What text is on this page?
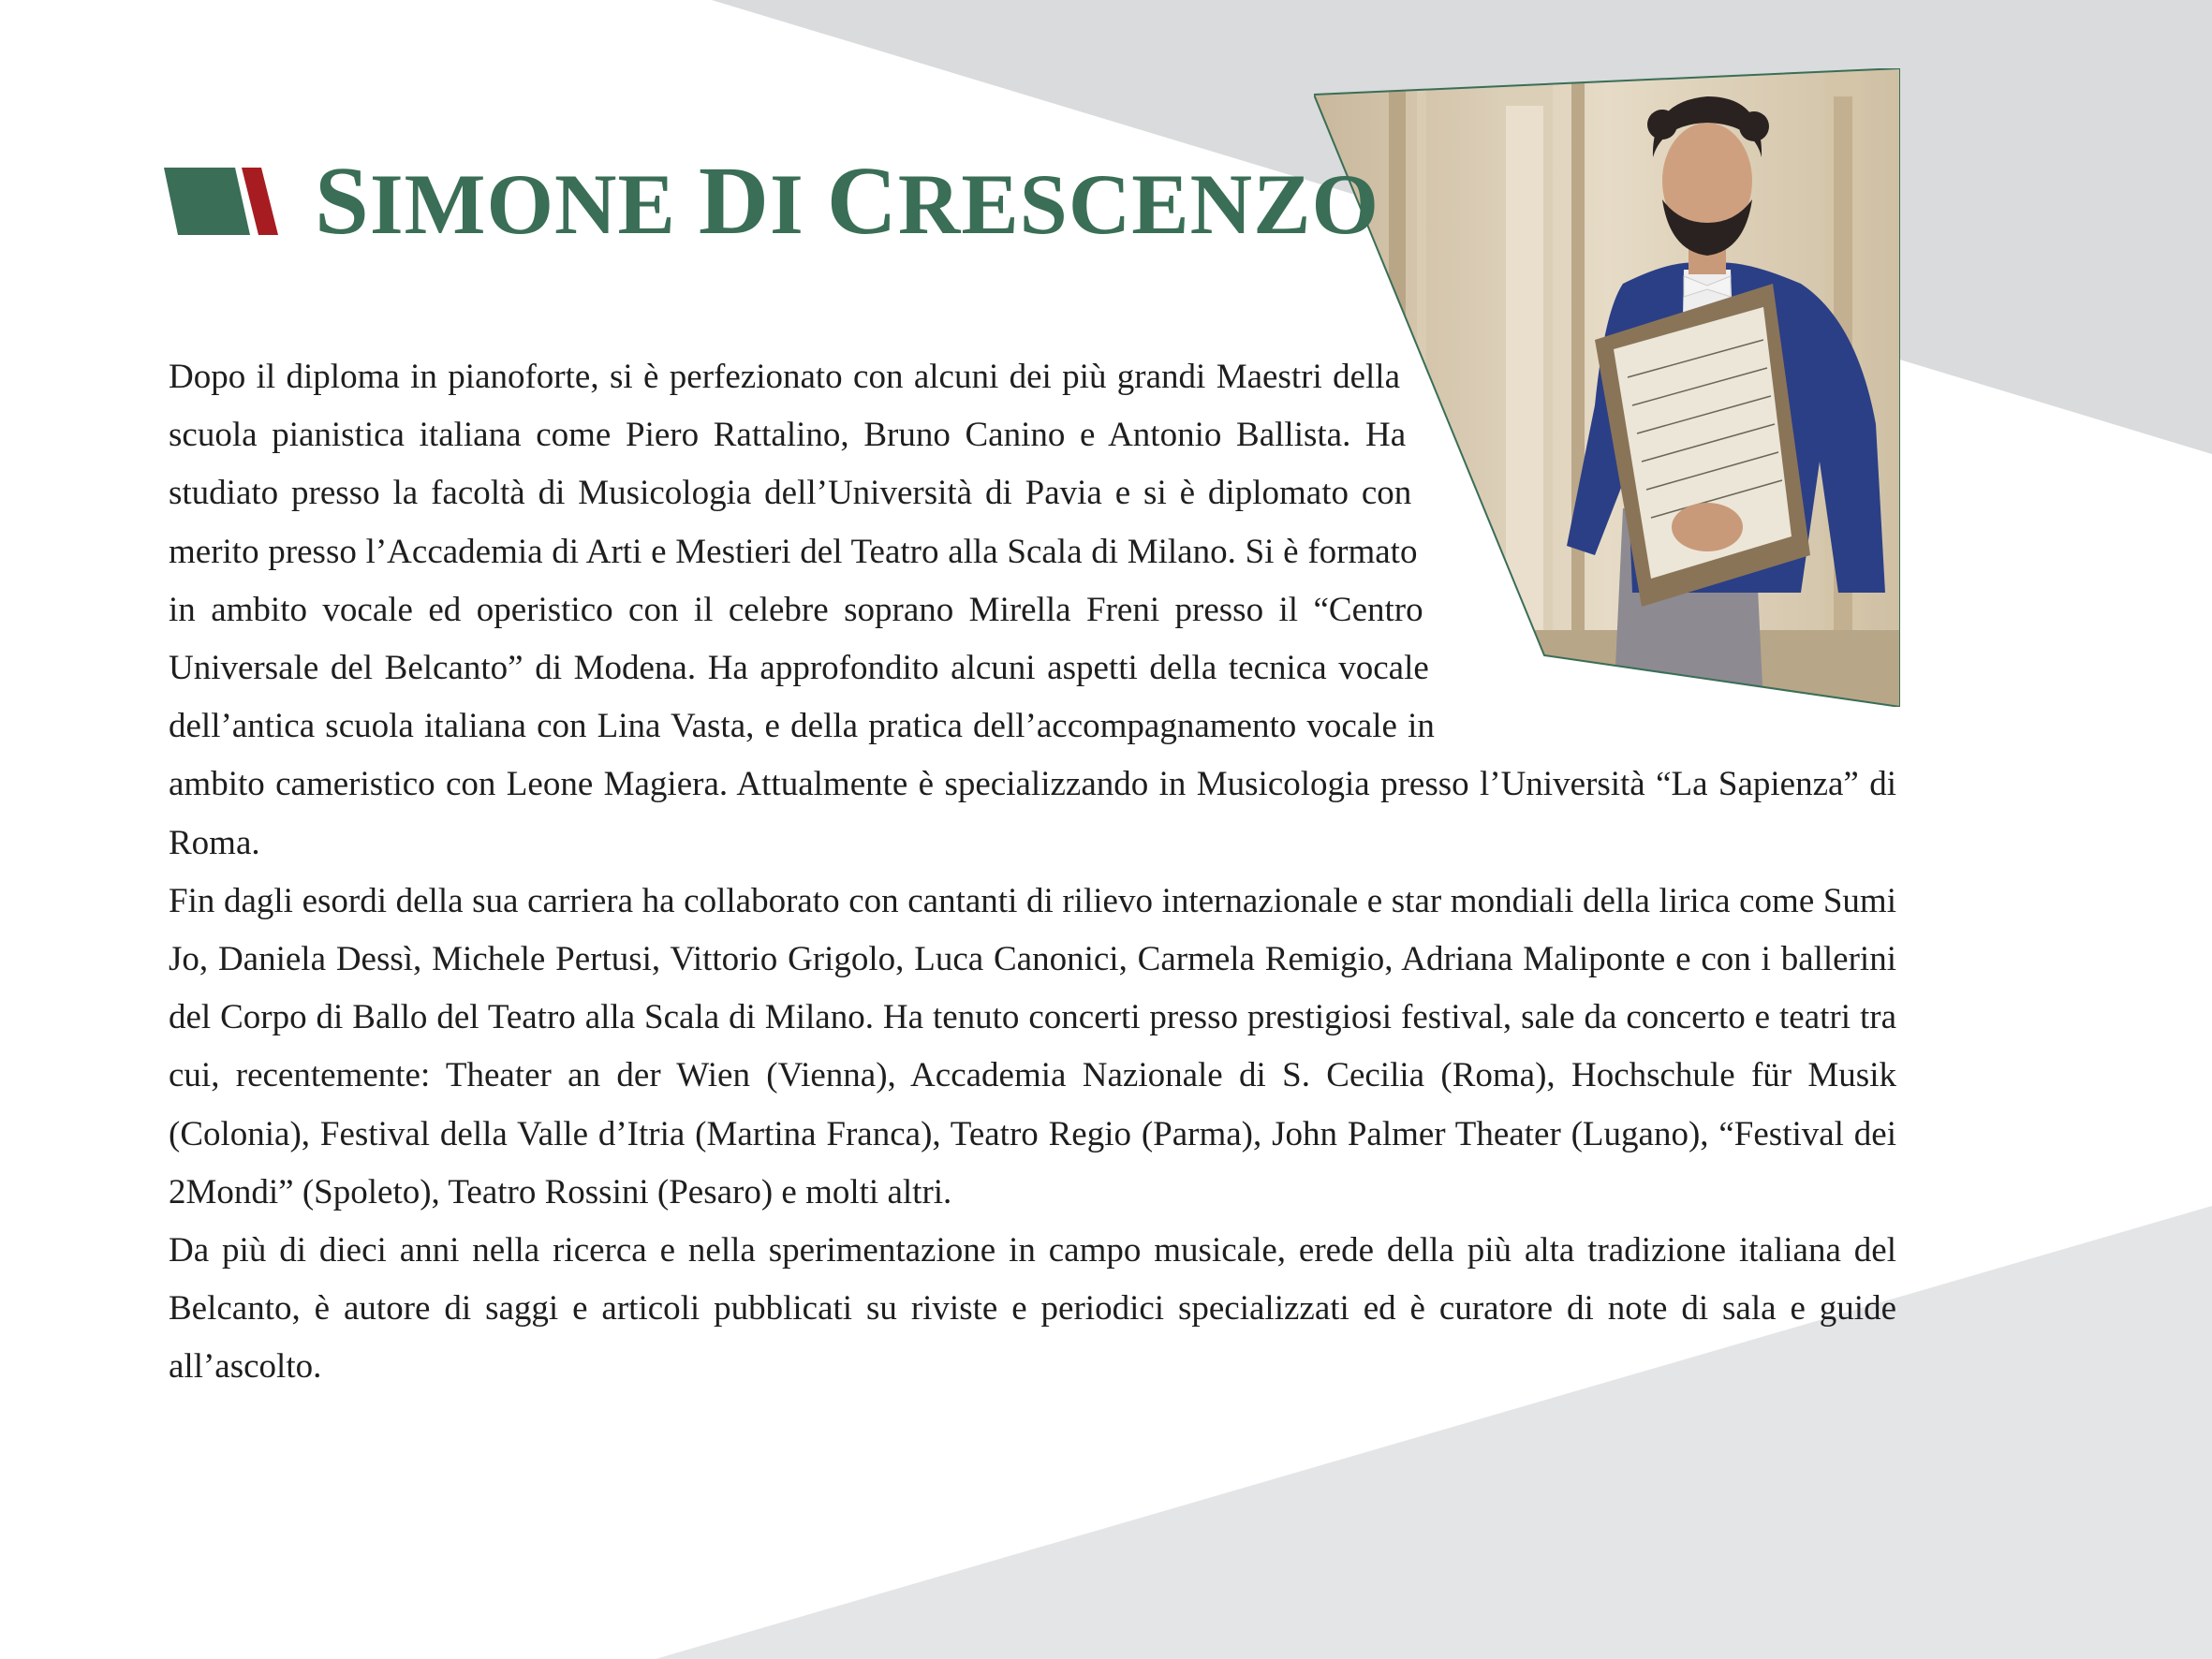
SIMONE DI CRESCENZO

Dopo il diploma in pianoforte, si è perfezionato con alcuni dei più grandi Maestri della scuola pianistica italiana come Piero Rattalino, Bruno Canino e Antonio Ballista. Ha studiato presso la facoltà di Musicologia dell’Università di Pavia e si è diplomato con merito presso l’Accademia di Arti e Mestieri del Teatro alla Scala di Milano. Si è formato in ambito vocale ed operistico con il celebre soprano Mirella Freni presso il “Centro Universale del Belcanto” di Modena. Ha approfondito alcuni aspetti della tecnica vocale dell’antica scuola italiana con Lina Vasta, e della pratica dell’accompagnamento vocale in ambito cameristico con Leone Magiera. Attualmente è specializzando in Musicologia presso l’Università “La Sapienza” di Roma.

Fin dagli esordi della sua carriera ha collaborato con cantanti di rilievo internazionale e star mondiali della lirica come Sumi Jo, Daniela Dessì, Michele Pertusi, Vittorio Grigolo, Luca Canonici, Carmela Remigio, Adriana Maliponte e con i ballerini del Corpo di Ballo del Teatro alla Scala di Milano. Ha tenuto concerti presso prestigiosi festival, sale da concerto e teatri tra cui, recentemente: Theater an der Wien (Vienna), Accademia Nazionale di S. Cecilia (Roma), Hochschule für Musik (Colonia), Festival della Valle d’Itria (Martina Franca), Teatro Regio (Parma), John Palmer Theater (Lugano), “Festival dei 2Mondi” (Spoleto), Teatro Rossini (Pesaro) e molti altri.

Da più di dieci anni nella ricerca e nella sperimentazione in campo musicale, erede della più alta tradizione italiana del Belcanto, è autore di saggi e articoli pubblicati su riviste e periodici specializzati ed è curatore di note di sala e guide all’ascolto.
